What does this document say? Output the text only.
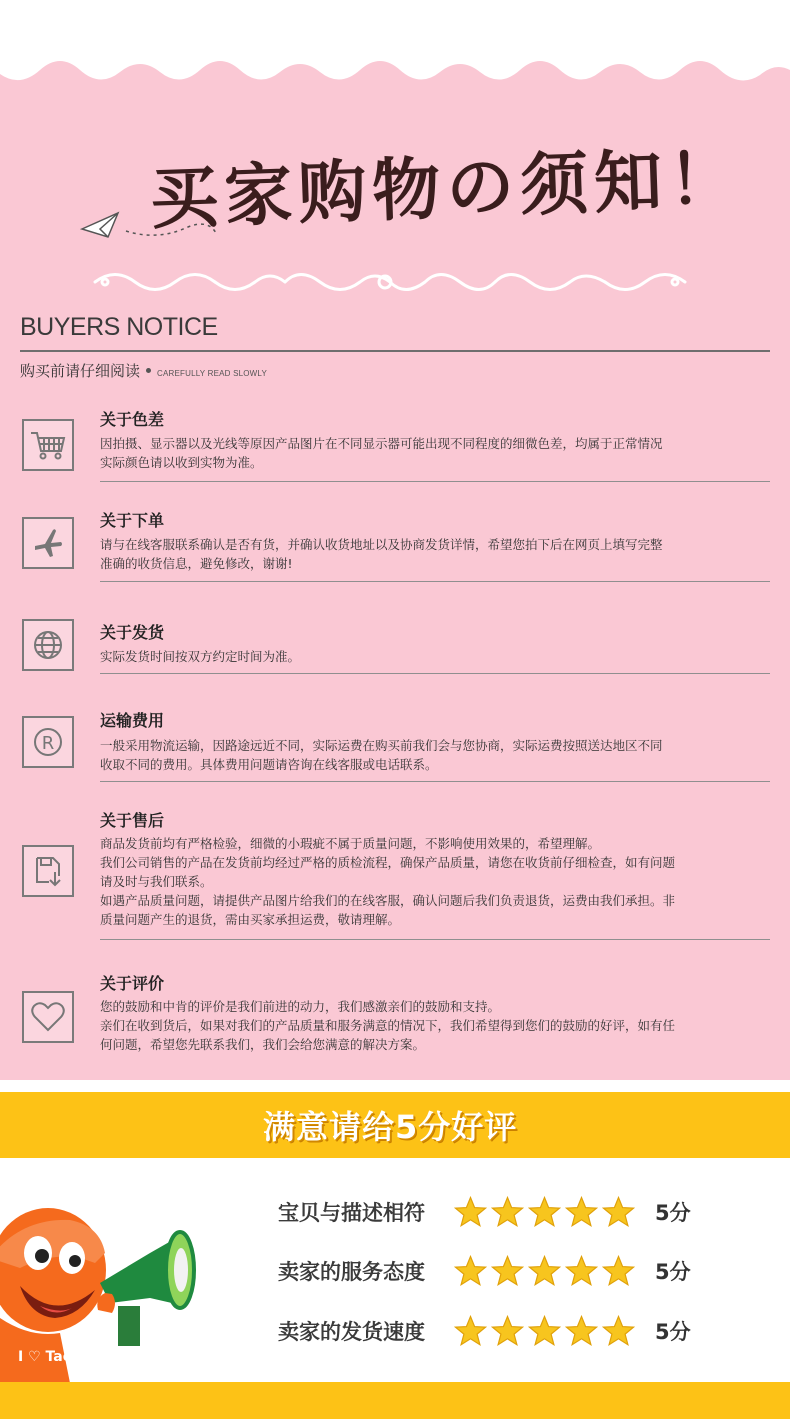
买家购物の须知！
BUYERS NOTICE
购买前请仔细阅读 CAREFULLY READ SLOWLY
关于色差

因拍摄、显示器以及光线等原因产品图片在不同显示器可能出现不同程度的细微色差，均属于正常情况

实际颜色请以收到实物为准。

关于下单

请与在线客服联系确认是否有货，并确认收货地址以及协商发货详情，希望您拍下后在网页上填写完整

准确的收货信息，避免修改，谢谢!

关于发货

实际发货时间按双方约定时间为准。

R
运输费用

一般采用物流运输，因路途远近不同，实际运费在购买前我们会与您协商，实际运费按照送达地区不同

收取不同的费用。具体费用问题请咨询在线客服或电话联系。

关于售后

商品发货前均有严格检验，细微的小瑕疵不属于质量问题，不影响使用效果的，希望理解。

我们公司销售的产品在发货前均经过严格的质检流程，确保产品质量，请您在收货前仔细检查，如有问题

请及时与我们联系。

如遇产品质量问题，请提供产品图片给我们的在线客服，确认问题后我们负责退货，运费由我们承担。非

质量问题产生的退货，需由买家承担运费，敬请理解。

关于评价

您的鼓励和中肯的评价是我们前进的动力，我们感激亲们的鼓励和支持。

亲们在收到货后，如果对我们的产品质量和服务满意的情况下，我们希望得到您们的鼓励的好评，如有任

何问题，希望您先联系我们，我们会给您满意的解决方案。

满意请给5分好评
宝贝与描述相符	5分
卖家的服务态度	5分
卖家的发货速度	5分
I ♡ Taobao
